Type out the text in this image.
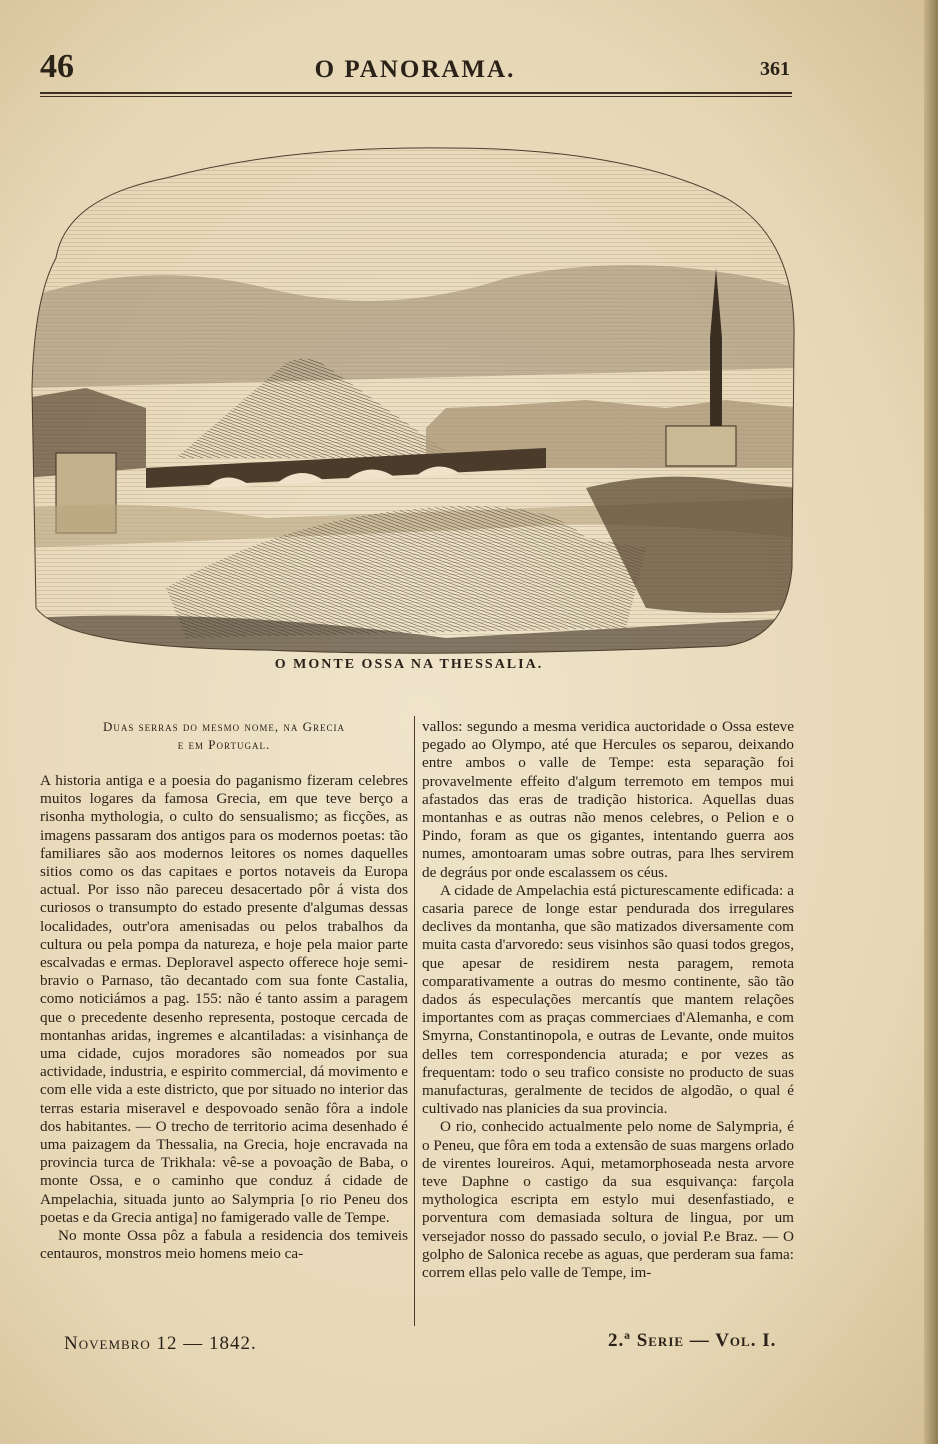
46	O PANORAMA.	361
O MONTE OSSA NA THESSALIA.
Duas serras do mesmo nome, na Grecia
e em Portugal.

A historia antiga e a poesia do paganismo fizeram celebres muitos logares da famosa Grecia, em que teve berço a risonha mythologia, o culto do sensualismo; as ficções, as imagens passaram dos antigos para os modernos poetas: tão familiares são aos modernos leitores os nomes daquelles sitios como os das capitaes e portos notaveis da Europa actual. Por isso não pareceu desacertado pôr á vista dos curiosos o transumpto do estado presente d'algumas dessas localidades, outr'ora amenisadas ou pelos trabalhos da cultura ou pela pompa da natureza, e hoje pela maior parte escalvadas e ermas. Deploravel aspecto offerece hoje semi-bravio o Parnaso, tão decantado com sua fonte Castalia, como noticiámos a pag. 155: não é tanto assim a paragem que o precedente desenho representa, postoque cercada de montanhas aridas, ingremes e alcantiladas: a visinhança de uma cidade, cujos moradores são nomeados por sua actividade, industria, e espirito commercial, dá movimento e com elle vida a este districto, que por situado no interior das terras estaria miseravel e despovoado senão fôra a indole dos habitantes. — O trecho de territorio acima desenhado é uma paizagem da Thessalia, na Grecia, hoje encravada na provincia turca de Trikhala: vê-se a povoação de Baba, o monte Ossa, e o caminho que conduz á cidade de Ampelachia, situada junto ao Salympria [o rio Peneu dos poetas e da Grecia antiga] no famigerado valle de Tempe.

No monte Ossa pôz a fabula a residencia dos temiveis centauros, monstros meio homens meio ca-

vallos: segundo a mesma veridica auctoridade o Ossa esteve pegado ao Olympo, até que Hercules os separou, deixando entre ambos o valle de Tempe: esta separação foi provavelmente effeito d'algum terremoto em tempos mui afastados das eras de tradição historica. Aquellas duas montanhas e as outras não menos celebres, o Pelion e o Pindo, foram as que os gigantes, intentando guerra aos numes, amontoaram umas sobre outras, para lhes servirem de degráus por onde escalassem os céus.

A cidade de Ampelachia está picturescamente edificada: a casaria parece de longe estar pendurada dos irregulares declives da montanha, que são matizados diversamente com muita casta d'arvoredo: seus visinhos são quasi todos gregos, que apesar de residirem nesta paragem, remota comparativamente a outras do mesmo continente, são tão dados ás especulações mercantís que mantem relações importantes com as praças commerciaes d'Alemanha, e com Smyrna, Constantinopola, e outras de Levante, onde muitos delles tem correspondencia aturada; e por vezes as frequentam: todo o seu trafico consiste no producto de suas manufacturas, geralmente de tecidos de algodão, o qual é cultivado nas planicies da sua provincia.

O rio, conhecido actualmente pelo nome de Salympria, é o Peneu, que fôra em toda a extensão de suas margens orlado de virentes loureiros. Aqui, metamorphoseada nesta arvore teve Daphne o castigo da sua esquivança: farçola mythologica escripta em estylo mui desenfastiado, e porventura com demasiada soltura de lingua, por um versejador nosso do passado seculo, o jovial P.e Braz. — O golpho de Salonica recebe as aguas, que perderam sua fama: correm ellas pelo valle de Tempe, im-

Novembro 12 — 1842.	2.ª Serie — Vol. I.
